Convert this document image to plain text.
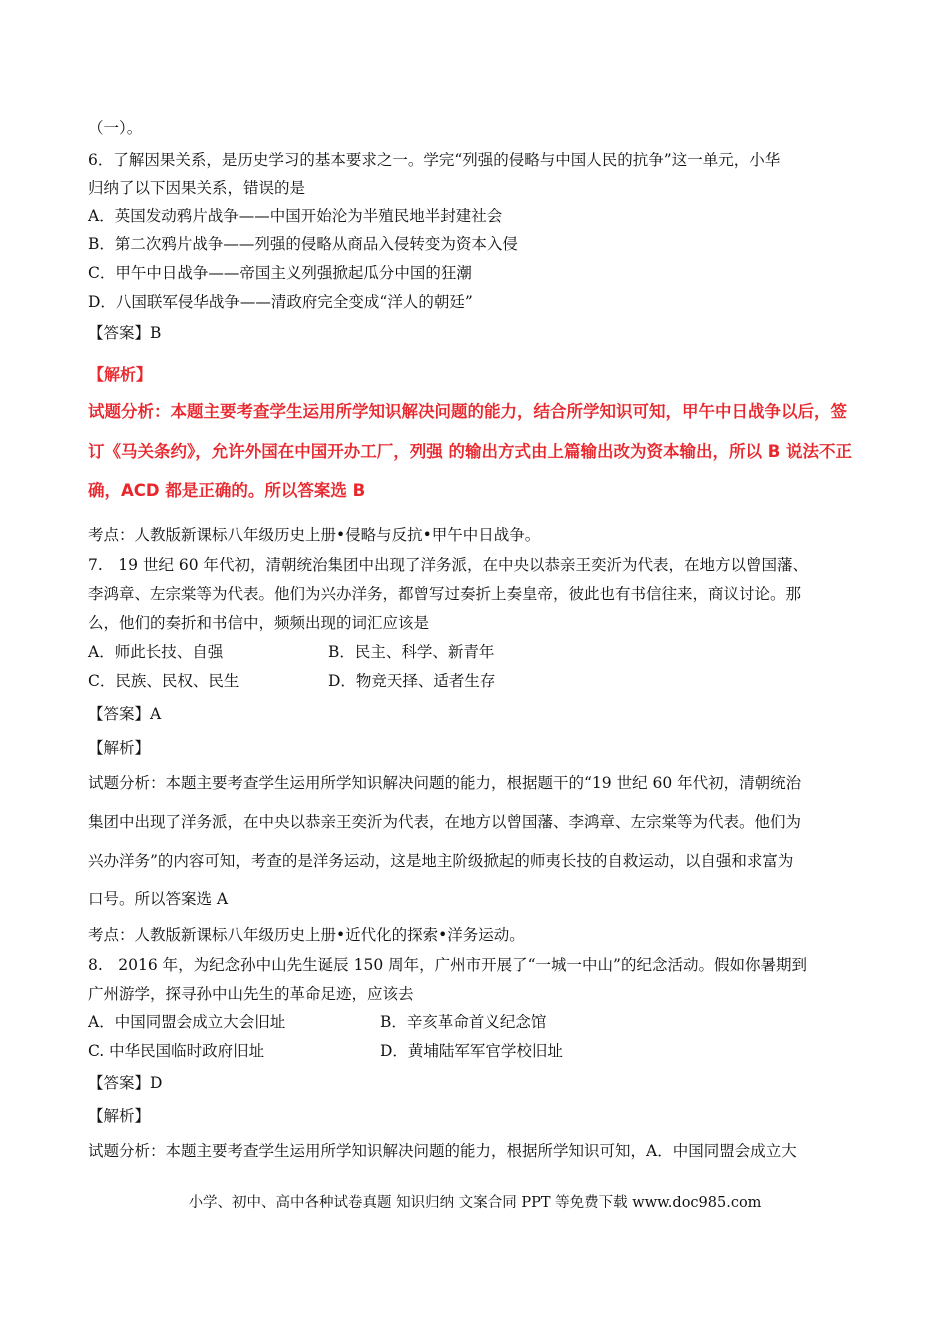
（一）。
6．了解因果关系，是历史学习的基本要求之一。学完“列强的侵略与中国人民的抗争”这一单元，小华
归纳了以下因果关系，错误的是
A．英国发动鸦片战争——中国开始沦为半殖民地半封建社会
B．第二次鸦片战争——列强的侵略从商品入侵转变为资本入侵
C．甲午中日战争——帝国主义列强掀起瓜分中国的狂潮
D．八国联军侵华战争——清政府完全变成“洋人的朝廷”
【答案】B
【解析】
试题分析：本题主要考查学生运用所学知识解决问题的能力，结合所学知识可知，甲午中日战争以后，签
订《马关条约》，允许外国在中国开办工厂，列强 的输出方式由上篇输出改为资本输出，所以 B 说法不正
确，ACD 都是正确的。所以答案选 B
考点：人教版新课标八年级历史上册•侵略与反抗•甲午中日战争。
7.　19 世纪 60 年代初，清朝统治集团中出现了洋务派，在中央以恭亲王奕沂为代表，在地方以曾国藩、
李鸿章、左宗棠等为代表。他们为兴办洋务，都曾写过奏折上奏皇帝，彼此也有书信往来，商议讨论。那
么，他们的奏折和书信中，频频出现的词汇应该是
A．师此长技、自强	B．民主、科学、新青年
C．民族、民权、民生	D．物竞天择、适者生存
【答案】A
【解析】
试题分析：本题主要考查学生运用所学知识解决问题的能力，根据题干的“19 世纪 60 年代初，清朝统治
集团中出现了洋务派，在中央以恭亲王奕沂为代表，在地方以曾国藩、李鸿章、左宗棠等为代表。他们为
兴办洋务”的内容可知，考查的是洋务运动，这是地主阶级掀起的师夷长技的自救运动，以自强和求富为
口号。所以答案选 A
考点：人教版新课标八年级历史上册•近代化的探索•洋务运动。
8.　2016 年，为纪念孙中山先生诞辰 150 周年，广州市开展了“一城一中山”的纪念活动。假如你暑期到
广州游学，探寻孙中山先生的革命足迹，应该去
A．中国同盟会成立大会旧址	B．辛亥革命首义纪念馆
C. 中华民国临时政府旧址	D．黄埔陆军军官学校旧址
【答案】D
【解析】
试题分析：本题主要考查学生运用所学知识解决问题的能力，根据所学知识可知，A．中国同盟会成立大
小学、初中、高中各种试卷真题 知识归纳 文案合同 PPT 等免费下载 www.doc985.com
